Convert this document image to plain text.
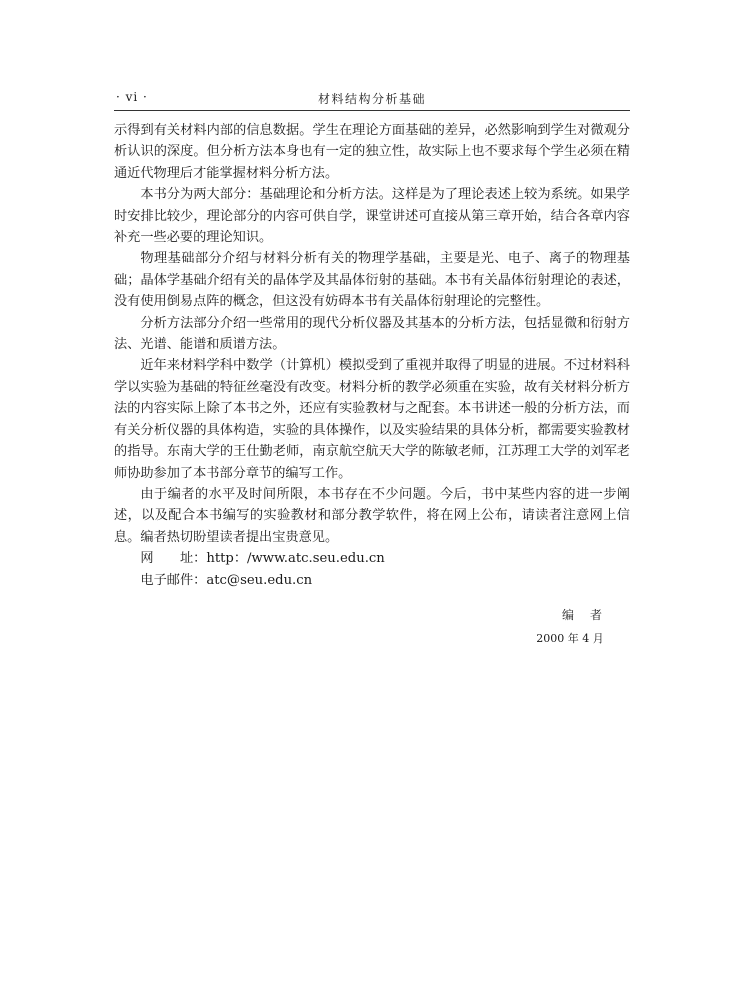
· vi ·	材料结构分析基础

示得到有关材料内部的信息数据。学生在理论方面基础的差异，必然影响到学生对微观分析认识的深度。但分析方法本身也有一定的独立性，故实际上也不要求每个学生必须在精通近代物理后才能掌握材料分析方法。

本书分为两大部分：基础理论和分析方法。这样是为了理论表述上较为系统。如果学时安排比较少，理论部分的内容可供自学，课堂讲述可直接从第三章开始，结合各章内容补充一些必要的理论知识。

物理基础部分介绍与材料分析有关的物理学基础，主要是光、电子、离子的物理基础；晶体学基础介绍有关的晶体学及其晶体衍射的基础。本书有关晶体衍射理论的表述，没有使用倒易点阵的概念，但这没有妨碍本书有关晶体衍射理论的完整性。

分析方法部分介绍一些常用的现代分析仪器及其基本的分析方法，包括显微和衍射方法、光谱、能谱和质谱方法。

近年来材料学科中数学（计算机）模拟受到了重视并取得了明显的进展。不过材料科学以实验为基础的特征丝毫没有改变。材料分析的教学必须重在实验，故有关材料分析方法的内容实际上除了本书之外，还应有实验教材与之配套。本书讲述一般的分析方法，而有关分析仪器的具体构造，实验的具体操作，以及实验结果的具体分析，都需要实验教材的指导。东南大学的王仕勤老师，南京航空航天大学的陈敏老师，江苏理工大学的刘军老师协助参加了本书部分章节的编写工作。

由于编者的水平及时间所限，本书存在不少问题。今后，书中某些内容的进一步阐述，以及配合本书编写的实验教材和部分教学软件，将在网上公布，请读者注意网上信息。编者热切盼望读者提出宝贵意见。

网　　址：http：/www.atc.seu.edu.cn

电子邮件：atc@seu.edu.cn

编者
2000 年 4 月
